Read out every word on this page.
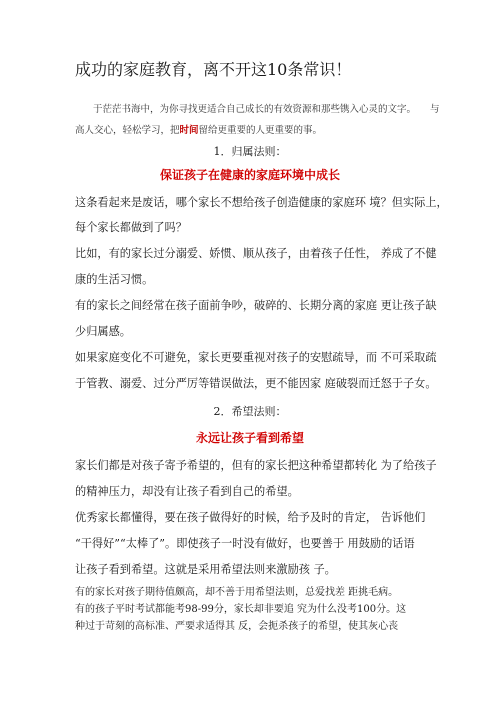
成功的家庭教育，离不开这10条常识！
于茫茫书海中，为你寻找更适合自己成长的有效资源和那些镌入心灵的文字。 与
高人交心，轻松学习，把时间留给更重要的人更重要的事。
1．归属法则：
保证孩子在健康的家庭环境中成长
这条看起来是废话，哪个家长不想给孩子创造健康的家庭环 境？但实际上，
每个家长都做到了吗？
比如，有的家长过分溺爱、娇惯、顺从孩子，由着孩子任性， 养成了不健
康的生活习惯。
有的家长之间经常在孩子面前争吵，破碎的、长期分离的家庭 更让孩子缺
少归属感。
如果家庭变化不可避免，家长更要重视对孩子的安慰疏导，而 不可采取疏
于管教、溺爱、过分严厉等错误做法，更不能因家 庭破裂而迁怒于子女。
2．希望法则：
永远让孩子看到希望
家长们都是对孩子寄予希望的，但有的家长把这种希望都转化 为了给孩子
的精神压力，却没有让孩子看到自己的希望。
优秀家长都懂得，要在孩子做得好的时候，给予及时的肯定， 告诉他们
“干得好”“太棒了”。即使孩子一时没有做好，也要善于 用鼓励的话语
让孩子看到希望。这就是采用希望法则来激励孩 子。
有的家长对孩子期待值颇高，却不善于用希望法则，总爱找差 距挑毛病。
有的孩子平时考试都能考98-99分，家长却非要追 究为什么没考100分。这
种过于苛刻的高标准、严要求适得其 反，会扼杀孩子的希望，使其灰心丧
